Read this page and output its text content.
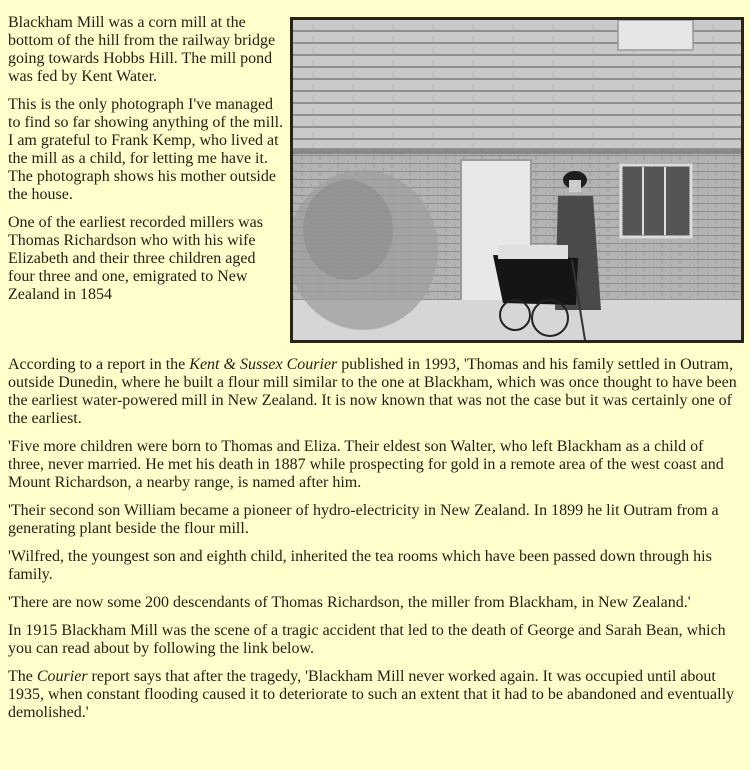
Blackham Mill was a corn mill at the bottom of the hill from the railway bridge going towards Hobbs Hill. The mill pond was fed by Kent Water.

This is the only photograph I've managed to find so far showing anything of the mill. I am grateful to Frank Kemp, who lived at the mill as a child, for letting me have it. The photograph shows his mother outside the house.

One of the earliest recorded millers was Thomas Richardson who with his wife Elizabeth and their three children aged four three and one, emigrated to New Zealand in 1854

According to a report in the Kent & Sussex Courier published in 1993, 'Thomas and his family settled in Outram, outside Dunedin, where he built a flour mill similar to the one at Blackham, which was once thought to have been the earliest water-powered mill in New Zealand. It is now known that was not the case but it was certainly one of the earliest.

'Five more children were born to Thomas and Eliza. Their eldest son Walter, who left Blackham as a child of three, never married. He met his death in 1887 while prospecting for gold in a remote area of the west coast and Mount Richardson, a nearby range, is named after him.

'Their second son William became a pioneer of hydro-electricity in New Zealand. In 1899 he lit Outram from a generating plant beside the flour mill.

'Wilfred, the youngest son and eighth child, inherited the tea rooms which have been passed down through his family.

'There are now some 200 descendants of Thomas Richardson, the miller from Blackham, in New Zealand.'

In 1915 Blackham Mill was the scene of a tragic accident that led to the death of George and Sarah Bean, which you can read about by following the link below.

The Courier report says that after the tragedy, 'Blackham Mill never worked again. It was occupied until about 1935, when constant flooding caused it to deteriorate to such an extent that it had to be abandoned and eventually demolished.'
